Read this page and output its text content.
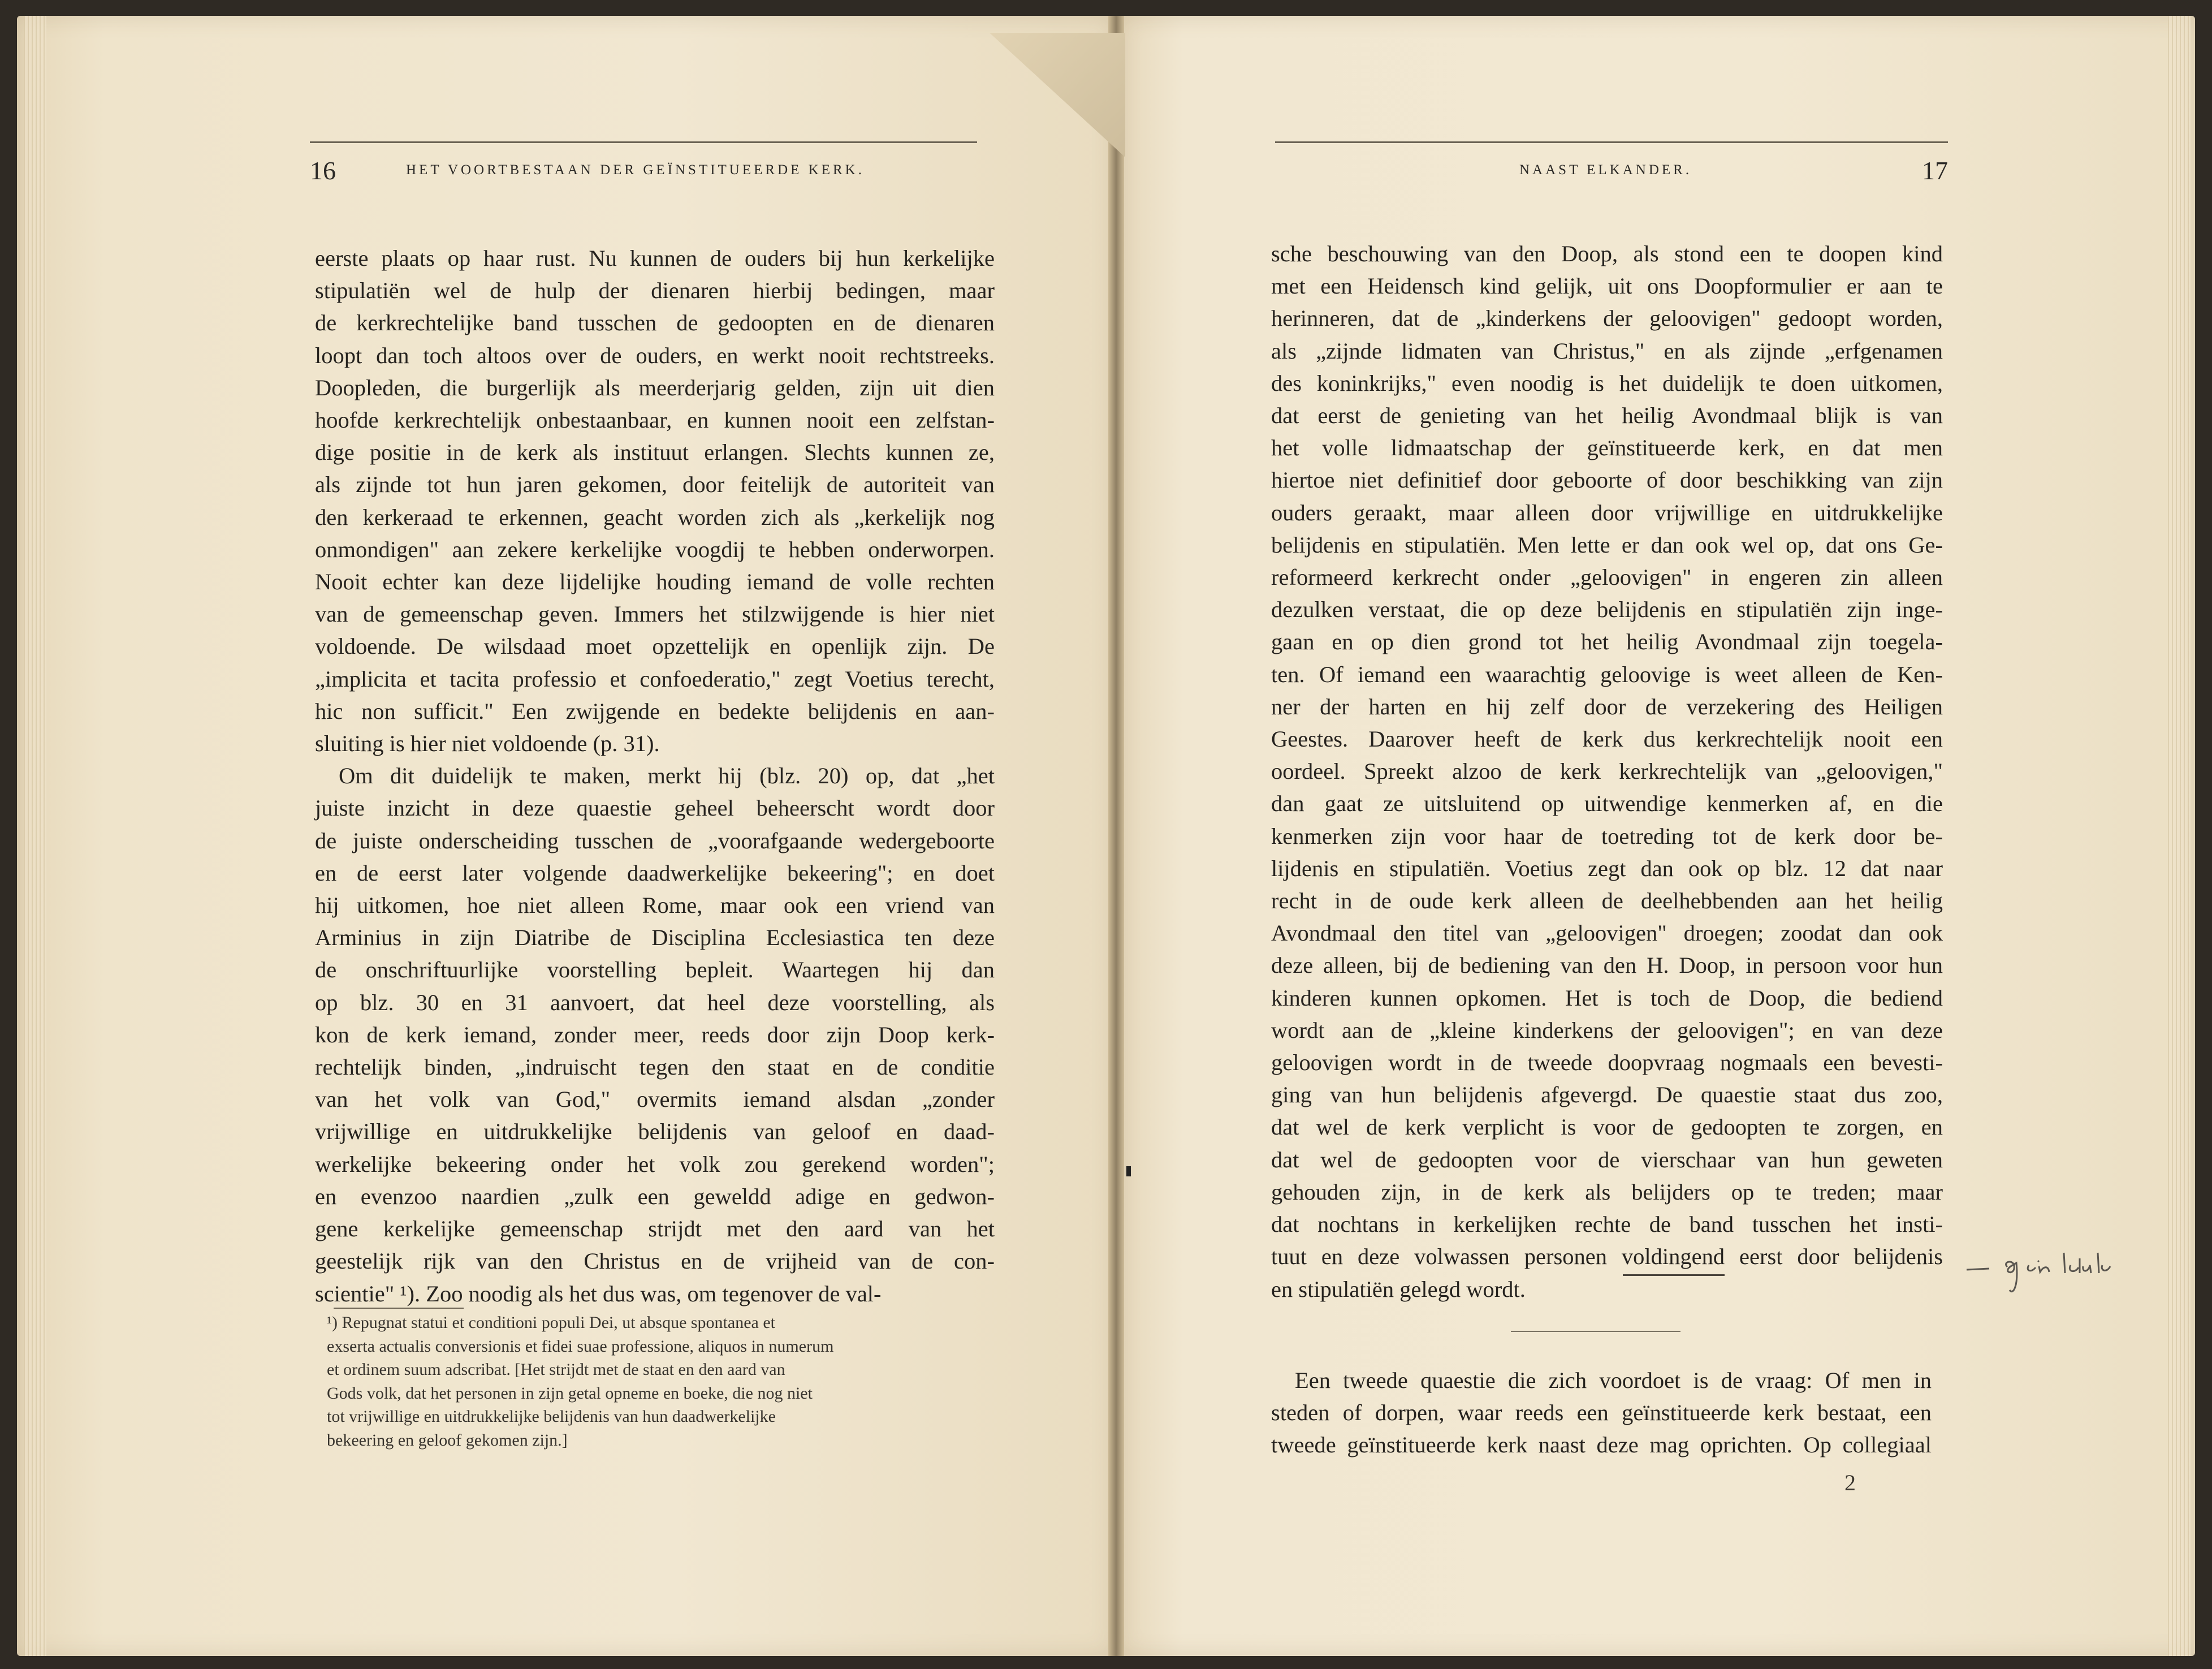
16	HET VOORTBESTAAN DER GEÏNSTITUEERDE KERK.	NAAST ELKANDER.	17
eerste plaats op haar rust. Nu kunnen de ouders bij hun kerkelijke
stipulatiën wel de hulp der dienaren hierbij bedingen, maar
de kerkrechtelijke band tusschen de gedoopten en de dienaren
loopt dan toch altoos over de ouders, en werkt nooit rechtstreeks.
Doopleden, die burgerlijk als meerderjarig gelden, zijn uit dien
hoofde kerkrechtelijk onbestaanbaar, en kunnen nooit een zelfstan-
dige positie in de kerk als instituut erlangen. Slechts kunnen ze,
als zijnde tot hun jaren gekomen, door feitelijk de autoriteit van
den kerkeraad te erkennen, geacht worden zich als „kerkelijk nog
onmondigen" aan zekere kerkelijke voogdij te hebben onderworpen.
Nooit echter kan deze lijdelijke houding iemand de volle rechten
van de gemeenschap geven. Immers het stilzwijgende is hier niet
voldoende. De wilsdaad moet opzettelijk en openlijk zijn. De
„implicita et tacita professio et confoederatio," zegt Voetius terecht,
hic non sufficit." Een zwijgende en bedekte belijdenis en aan-
sluiting is hier niet voldoende (p. 31).
Om dit duidelijk te maken, merkt hij (blz. 20) op, dat „het
juiste inzicht in deze quaestie geheel beheerscht wordt door
de juiste onderscheiding tusschen de „voorafgaande wedergeboorte
en de eerst later volgende daadwerkelijke bekeering"; en doet
hij uitkomen, hoe niet alleen Rome, maar ook een vriend van
Arminius in zijn Diatribe de Disciplina Ecclesiastica ten deze
de onschriftuurlijke voorstelling bepleit. Waartegen hij dan
op blz. 30 en 31 aanvoert, dat heel deze voorstelling, als
kon de kerk iemand, zonder meer, reeds door zijn Doop kerk-
rechtelijk binden, „indruischt tegen den staat en de conditie
van het volk van God," overmits iemand alsdan „zonder
vrijwillige en uitdrukkelijke belijdenis van geloof en daad-
werkelijke bekeering onder het volk zou gerekend worden";
en evenzoo naardien „zulk een geweldd adige en gedwon-
gene kerkelijke gemeenschap strijdt met den aard van het
geestelijk rijk van den Christus en de vrijheid van de con-
scientie" ¹). Zoo noodig als het dus was, om tegenover de val-
¹) Repugnat statui et conditioni populi Dei, ut absque spontanea et
exserta actualis conversionis et fidei suae professione, aliquos in numerum
et ordinem suum adscribat. [Het strijdt met de staat en den aard van
Gods volk, dat het personen in zijn getal opneme en boeke, die nog niet
tot vrijwillige en uitdrukkelijke belijdenis van hun daadwerkelijke
bekeering en geloof gekomen zijn.]
sche beschouwing van den Doop, als stond een te doopen kind
met een Heidensch kind gelijk, uit ons Doopformulier er aan te
herinneren, dat de „kinderkens der geloovigen" gedoopt worden,
als „zijnde lidmaten van Christus," en als zijnde „erfgenamen
des koninkrijks," even noodig is het duidelijk te doen uitkomen,
dat eerst de genieting van het heilig Avondmaal blijk is van
het volle lidmaatschap der geïnstitueerde kerk, en dat men
hiertoe niet definitief door geboorte of door beschikking van zijn
ouders geraakt, maar alleen door vrijwillige en uitdrukkelijke
belijdenis en stipulatiën. Men lette er dan ook wel op, dat ons Ge-
reformeerd kerkrecht onder „geloovigen" in engeren zin alleen
dezulken verstaat, die op deze belijdenis en stipulatiën zijn inge-
gaan en op dien grond tot het heilig Avondmaal zijn toegela-
ten. Of iemand een waarachtig geloovige is weet alleen de Ken-
ner der harten en hij zelf door de verzekering des Heiligen
Geestes. Daarover heeft de kerk dus kerkrechtelijk nooit een
oordeel. Spreekt alzoo de kerk kerkrechtelijk van „geloovigen,"
dan gaat ze uitsluitend op uitwendige kenmerken af, en die
kenmerken zijn voor haar de toetreding tot de kerk door be-
lijdenis en stipulatiën. Voetius zegt dan ook op blz. 12 dat naar
recht in de oude kerk alleen de deelhebbenden aan het heilig
Avondmaal den titel van „geloovigen" droegen; zoodat dan ook
deze alleen, bij de bediening van den H. Doop, in persoon voor hun
kinderen kunnen opkomen. Het is toch de Doop, die bediend
wordt aan de „kleine kinderkens der geloovigen"; en van deze
geloovigen wordt in de tweede doopvraag nogmaals een bevesti-
ging van hun belijdenis afgevergd. De quaestie staat dus zoo,
dat wel de kerk verplicht is voor de gedoopten te zorgen, en
dat wel de gedoopten voor de vierschaar van hun geweten
gehouden zijn, in de kerk als belijders op te treden; maar
dat nochtans in kerkelijken rechte de band tusschen het insti-
tuut en deze volwassen personen voldingend eerst door belijdenis
en stipulatiën gelegd wordt.
Een tweede quaestie die zich voordoet is de vraag: Of men in
steden of dorpen, waar reeds een geïnstitueerde kerk bestaat, een
tweede geïnstitueerde kerk naast deze mag oprichten. Op collegiaal
2
